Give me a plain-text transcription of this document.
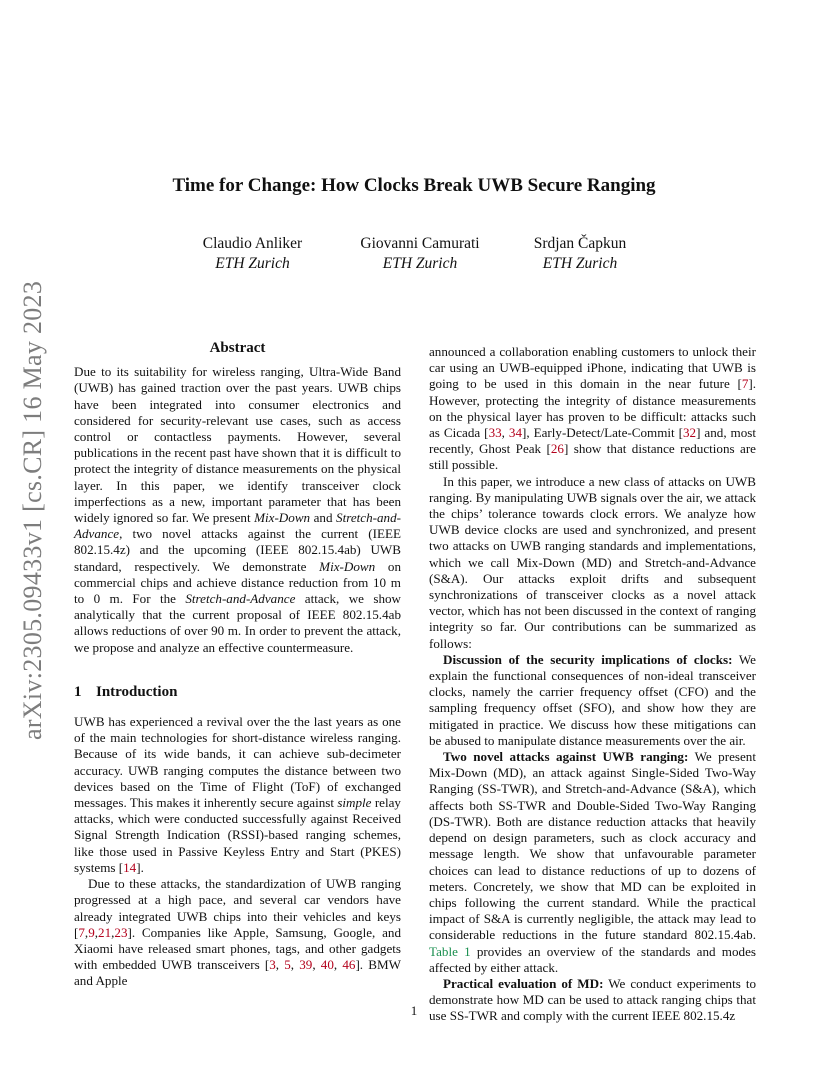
arXiv:2305.09433v1 [cs.CR] 16 May 2023
Time for Change: How Clocks Break UWB Secure Ranging
Claudio Anliker
ETH Zurich
Giovanni Camurati
ETH Zurich
Srdjan Čapkun
ETH Zurich
Abstract

Due to its suitability for wireless ranging, Ultra-Wide Band (UWB) has gained traction over the past years. UWB chips have been integrated into consumer electronics and considered for security-relevant use cases, such as access control or contactless payments. However, several publications in the recent past have shown that it is difficult to protect the integrity of distance measurements on the physical layer. In this paper, we identify transceiver clock imperfections as a new, important parameter that has been widely ignored so far. We present Mix-Down and Stretch-and-Advance, two novel attacks against the current (IEEE 802.15.4z) and the upcoming (IEEE 802.15.4ab) UWB standard, respectively. We demonstrate Mix-Down on commercial chips and achieve distance reduction from 10 m to 0 m. For the Stretch-and-Advance attack, we show analytically that the current proposal of IEEE 802.15.4ab allows reductions of over 90 m. In order to prevent the attack, we propose and analyze an effective countermeasure.

1 Introduction

UWB has experienced a revival over the the last years as one of the main technologies for short-distance wireless ranging. Because of its wide bands, it can achieve sub-decimeter accuracy. UWB ranging computes the distance between two devices based on the Time of Flight (ToF) of exchanged messages. This makes it inherently secure against simple relay attacks, which were conducted successfully against Received Signal Strength Indication (RSSI)-based ranging schemes, like those used in Passive Keyless Entry and Start (PKES) systems [14].

Due to these attacks, the standardization of UWB ranging progressed at a high pace, and several car vendors have already integrated UWB chips into their vehicles and keys [7,9,21,23]. Companies like Apple, Samsung, Google, and Xiaomi have released smart phones, tags, and other gadgets with embedded UWB transceivers [3, 5, 39, 40, 46]. BMW and Apple

announced a collaboration enabling customers to unlock their car using an UWB-equipped iPhone, indicating that UWB is going to be used in this domain in the near future [7]. However, protecting the integrity of distance measurements on the physical layer has proven to be difficult: attacks such as Cicada [33, 34], Early-Detect/Late-Commit [32] and, most recently, Ghost Peak [26] show that distance reductions are still possible.

In this paper, we introduce a new class of attacks on UWB ranging. By manipulating UWB signals over the air, we attack the chips’ tolerance towards clock errors. We analyze how UWB device clocks are used and synchronized, and present two attacks on UWB ranging standards and implementations, which we call Mix-Down (MD) and Stretch-and-Advance (S&A). Our attacks exploit drifts and subsequent synchronizations of transceiver clocks as a novel attack vector, which has not been discussed in the context of ranging integrity so far. Our contributions can be summarized as follows:

Discussion of the security implications of clocks: We explain the functional consequences of non-ideal transceiver clocks, namely the carrier frequency offset (CFO) and the sampling frequency offset (SFO), and show how they are mitigated in practice. We discuss how these mitigations can be abused to manipulate distance measurements over the air.

Two novel attacks against UWB ranging: We present Mix-Down (MD), an attack against Single-Sided Two-Way Ranging (SS-TWR), and Stretch-and-Advance (S&A), which affects both SS-TWR and Double-Sided Two-Way Ranging (DS-TWR). Both are distance reduction attacks that heavily depend on design parameters, such as clock accuracy and message length. We show that unfavourable parameter choices can lead to distance reductions of up to dozens of meters. Concretely, we show that MD can be exploited in chips following the current standard. While the practical impact of S&A is currently negligible, the attack may lead to considerable reductions in the future standard 802.15.4ab. Table 1 provides an overview of the standards and modes affected by either attack.

Practical evaluation of MD: We conduct experiments to demonstrate how MD can be used to attack ranging chips that use SS-TWR and comply with the current IEEE 802.15.4z

1
